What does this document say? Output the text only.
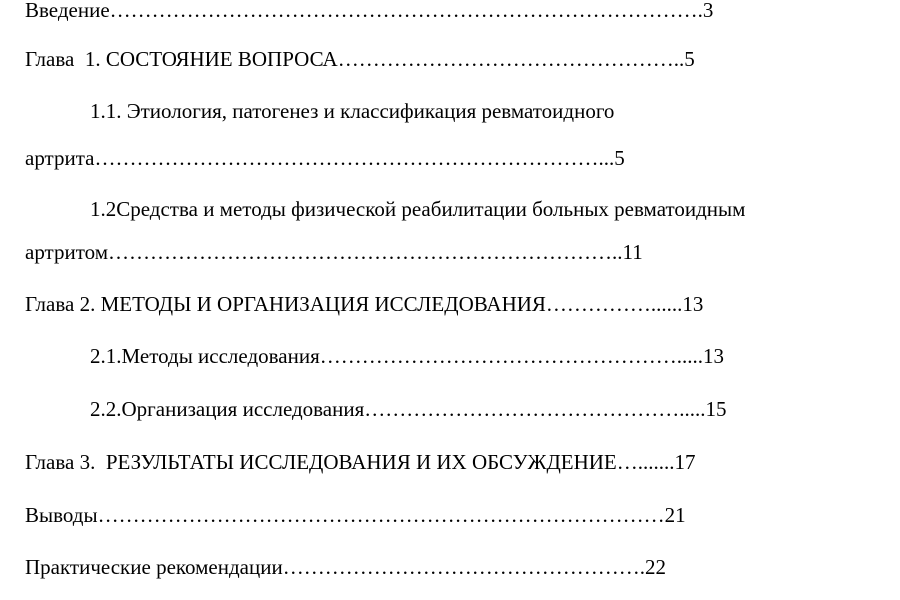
Введение………………………………………………………………………….3
Глава  1. СОСТОЯНИЕ ВОПРОСА…………………………………………..5
1.1. Этиология, патогенез и классификация ревматоидного
артрита………………………………………………………………...5
1.2Средства и методы физической реабилитации больных ревматоидным
артритом………………………………………………………………..11
Глава 2. МЕТОДЫ И ОРГАНИЗАЦИЯ ИССЛЕДОВАНИЯ……………......13
2.1.Методы исследования…………………………………………….....13
2.2.Организация исследования……………………………………….....15
Глава 3.  РЕЗУЛЬТАТЫ ИССЛЕДОВАНИЯ И ИХ ОБСУЖДЕНИЕ….......17
Выводы………………………………………………………………………21
Практические рекомендации…………………………………………….22
